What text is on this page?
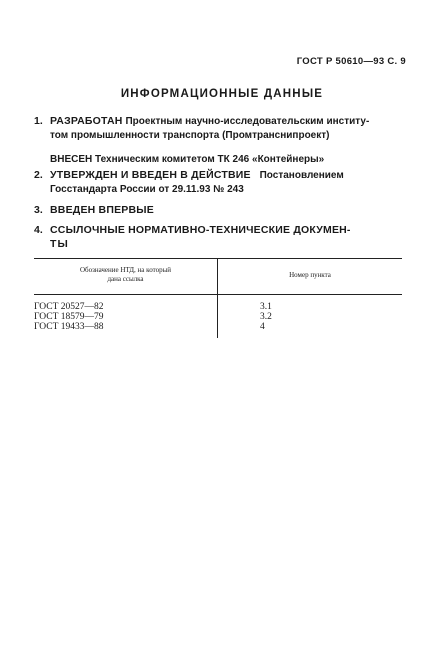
ГОСТ Р 50610—93 С. 9
ИНФОРМАЦИОННЫЕ ДАННЫЕ
1. РАЗРАБОТАН Проектным научно-исследовательским институ-
том промышленности транспорта (Промтранснипроект)
ВНЕСЕН Техническим комитетом ТК 246 «Контейнеры»
2. УТВЕРЖДЕН И ВВЕДЕН В ДЕЙСТВИЕ Постановлением
Госстандарта России от 29.11.93 № 243
3. ВВЕДЕН ВПЕРВЫЕ
4. ССЫЛОЧНЫЕ НОРМАТИВНО-ТЕХНИЧЕСКИЕ ДОКУМЕН-
ТЫ
Обозначение НТД, на который
дана ссылка	Номер пункта
ГОСТ 20527—82	3.1
ГОСТ 18579—79	3.2
ГОСТ 19433—88	4
